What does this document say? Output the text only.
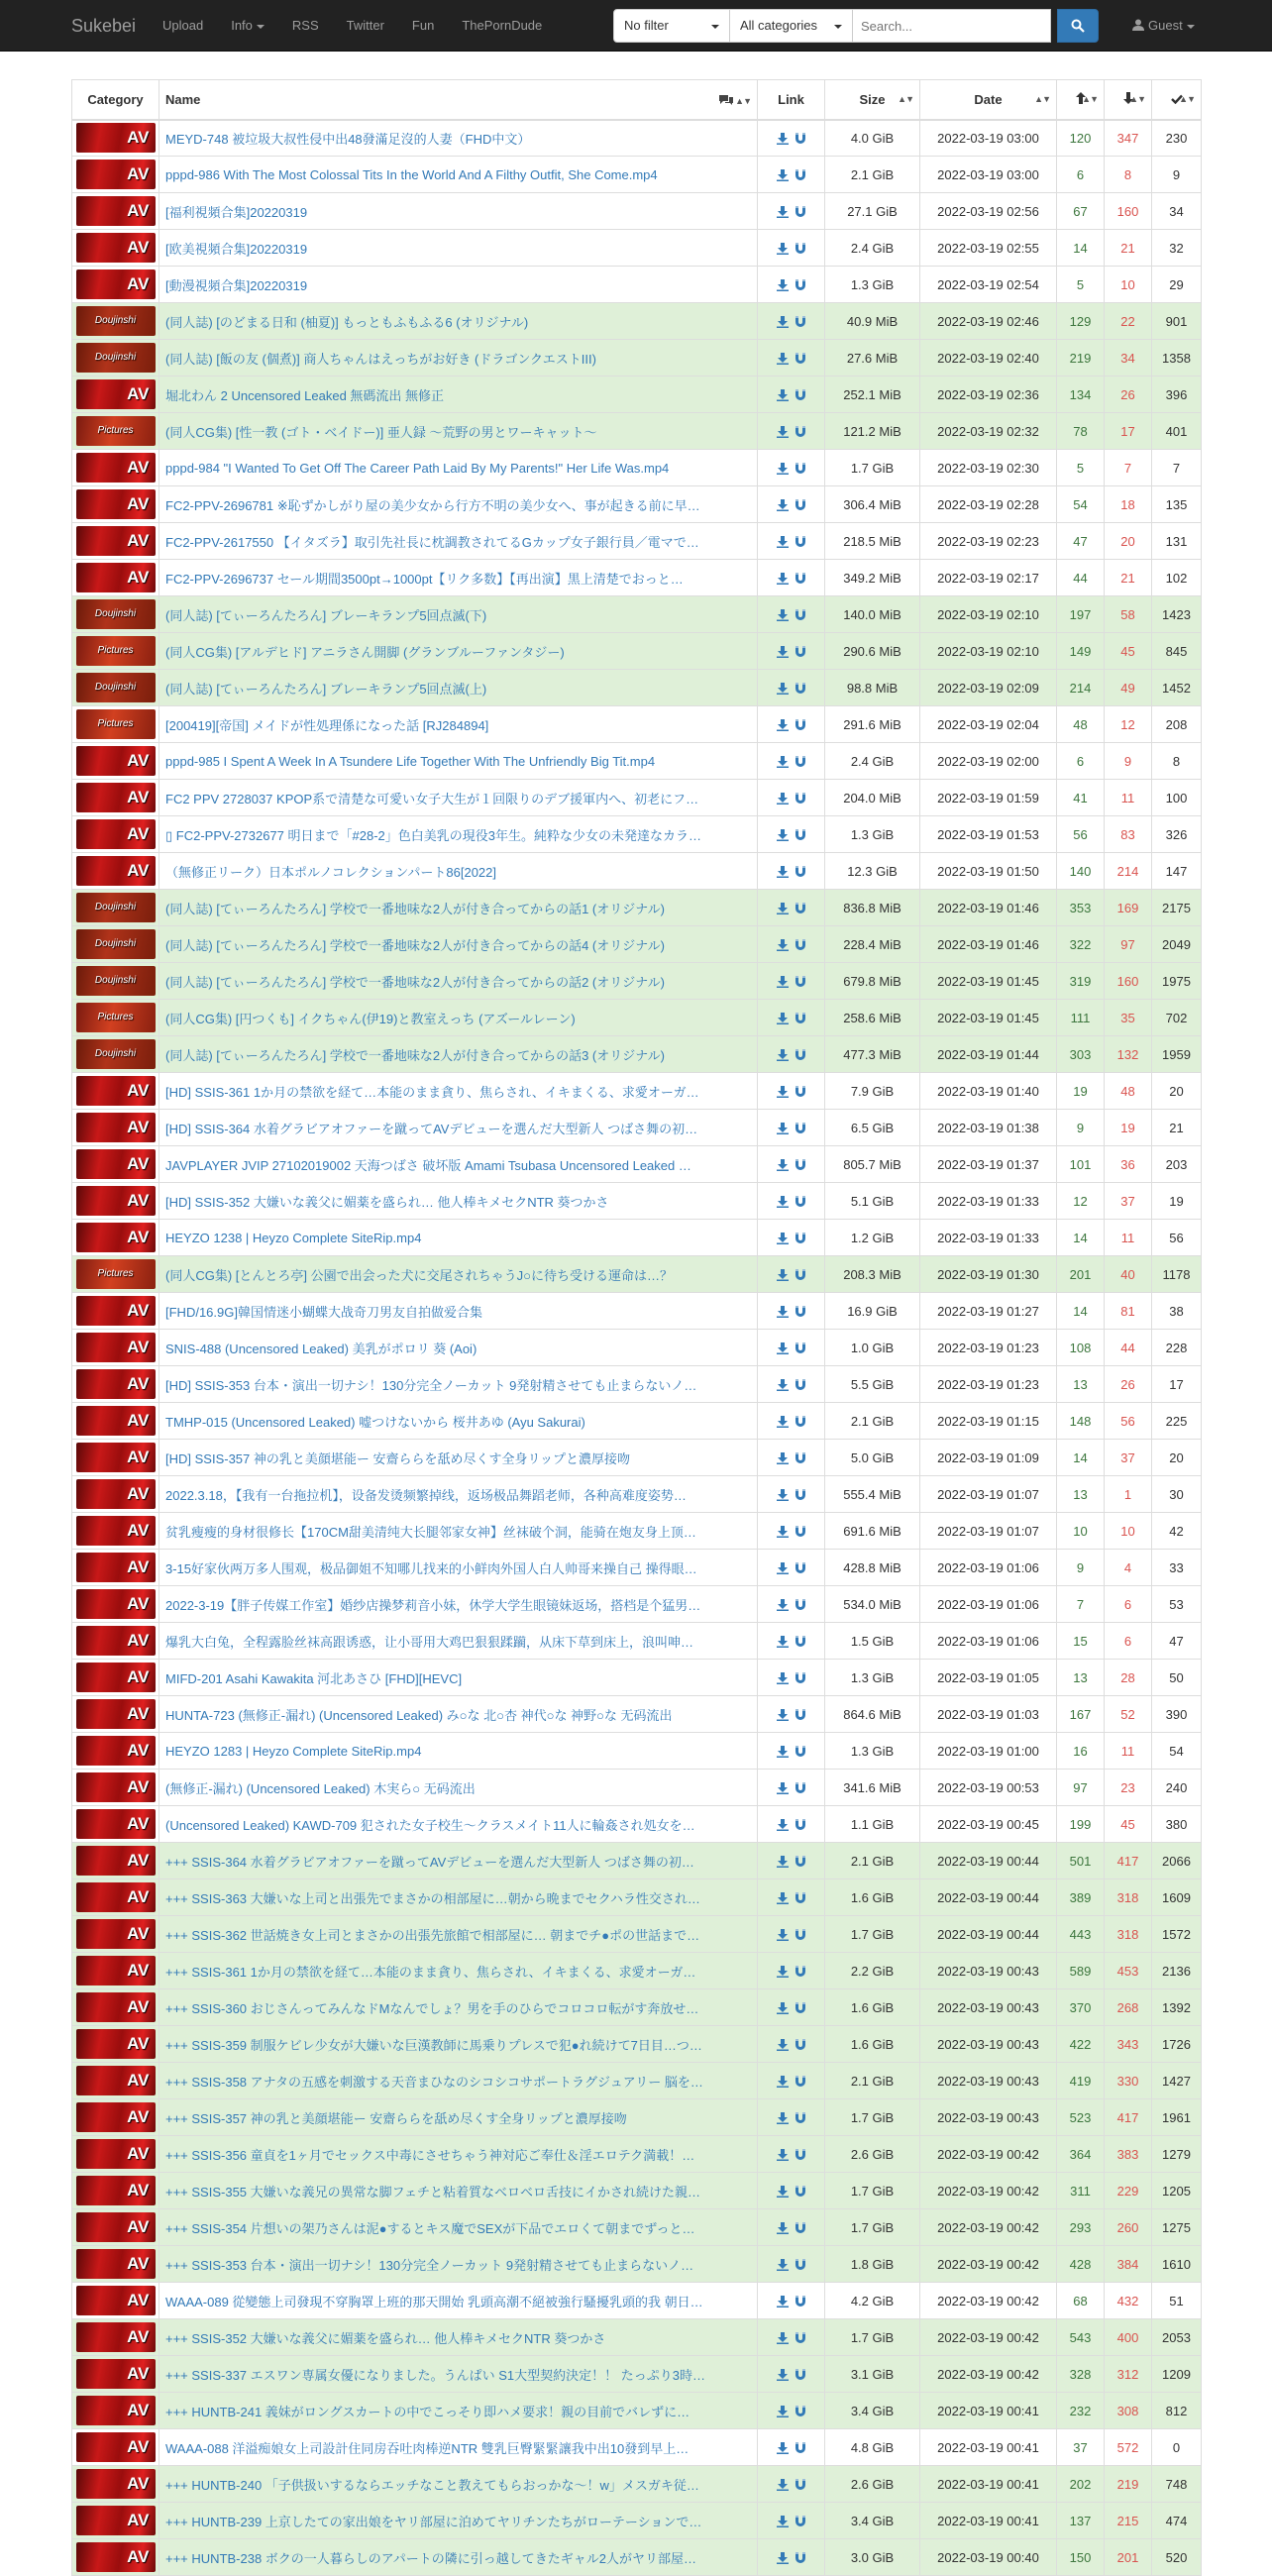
Sukebei	Upload	Info	RSS	Twitter	Fun	ThePornDude	No filter	All categories
Search...	Guest
Category	Name ▲▼	Link	Size ▲▼	Date ▲▼	▲▼	▲▼	▲▼

AV	MEYD-748 被垃圾大叔性侵中出48發滿足沒的人妻（FHD中文）		4.0 GiB	2022-03-19 03:00	120	347	230

AV	pppd-986 With The Most Colossal Tits In the World And A Filthy Outfit, She Come.mp4		2.1 GiB	2022-03-19 03:00	6	8	9

AV	[福利視頻合集]20220319		27.1 GiB	2022-03-19 02:56	67	160	34

AV	[欧美視頻合集]20220319		2.4 GiB	2022-03-19 02:55	14	21	32

AV	[動漫視頻合集]20220319		1.3 GiB	2022-03-19 02:54	5	10	29

Doujinshi	(同人誌) [のどまる日和 (柚夏)] もっともふもふる6 (オリジナル)		40.9 MiB	2022-03-19 02:46	129	22	901

Doujinshi	(同人誌) [飯の友 (個煮)] 商人ちゃんはえっちがお好き (ドラゴンクエストIII)		27.6 MiB	2022-03-19 02:40	219	34	1358

AV	堀北わん 2 Uncensored Leaked 無碼流出 無修正		252.1 MiB	2022-03-19 02:36	134	26	396

Pictures	(同人CG集) [性一教 (ゴト・ベイドー)] 亜人録 ～荒野の男とワーキャット～		121.2 MiB	2022-03-19 02:32	78	17	401

AV	pppd-984 "I Wanted To Get Off The Career Path Laid By My Parents!" Her Life Was.mp4		1.7 GiB	2022-03-19 02:30	5	7	7

AV	FC2-PPV-2696781 ※恥ずかしがり屋の美少女から行方不明の美少女へ、事が起きる前に早…		306.4 MiB	2022-03-19 02:28	54	18	135

AV	FC2-PPV-2617550 【イタズラ】取引先社長に枕調教されてるGカップ女子銀行員／電マで…		218.5 MiB	2022-03-19 02:23	47	20	131

AV	FC2-PPV-2696737 セール期間3500pt→1000pt【リク多数】【再出演】黒上清楚でおっと…		349.2 MiB	2022-03-19 02:17	44	21	102

Doujinshi	(同人誌) [てぃーろんたろん] ブレーキランプ5回点滅(下)		140.0 MiB	2022-03-19 02:10	197	58	1423

Pictures	(同人CG集) [アルデヒド] アニラさん開脚 (グランブルーファンタジー)		290.6 MiB	2022-03-19 02:10	149	45	845

Doujinshi	(同人誌) [てぃーろんたろん] ブレーキランプ5回点滅(上)		98.8 MiB	2022-03-19 02:09	214	49	1452

Pictures	[200419][帝国] メイドが性処理係になった話 [RJ284894]		291.6 MiB	2022-03-19 02:04	48	12	208

AV	pppd-985 I Spent A Week In A Tsundere Life Together With The Unfriendly Big Tit.mp4		2.4 GiB	2022-03-19 02:00	6	9	8

AV	FC2 PPV 2728037 KPOP系で清楚な可愛い女子大生が１回限りのデブ援軍内へ、初老にフ…		204.0 MiB	2022-03-19 01:59	41	11	100

AV	▯ FC2-PPV-2732677 明日まで「#28-2」色白美乳の現役3年生。純粋な少女の未発達なカラ…		1.3 GiB	2022-03-19 01:53	56	83	326

AV	（無修正リーク）日本ポルノコレクションパート86[2022]		12.3 GiB	2022-03-19 01:50	140	214	147

Doujinshi	(同人誌) [てぃーろんたろん] 学校で一番地味な2人が付き合ってからの話1 (オリジナル)		836.8 MiB	2022-03-19 01:46	353	169	2175

Doujinshi	(同人誌) [てぃーろんたろん] 学校で一番地味な2人が付き合ってからの話4 (オリジナル)		228.4 MiB	2022-03-19 01:46	322	97	2049

Doujinshi	(同人誌) [てぃーろんたろん] 学校で一番地味な2人が付き合ってからの話2 (オリジナル)		679.8 MiB	2022-03-19 01:45	319	160	1975

Pictures	(同人CG集) [円つくも] イクちゃん(伊19)と教室えっち (アズールレーン)		258.6 MiB	2022-03-19 01:45	111	35	702

Doujinshi	(同人誌) [てぃーろんたろん] 学校で一番地味な2人が付き合ってからの話3 (オリジナル)		477.3 MiB	2022-03-19 01:44	303	132	1959

AV	[HD] SSIS-361 1か月の禁欲を経て…本能のまま貪り、焦らされ、イキまくる、求愛オーガ…		7.9 GiB	2022-03-19 01:40	19	48	20

AV	[HD] SSIS-364 水着グラビアオファーを蹴ってAVデビューを選んだ大型新人 つばさ舞の初…		6.5 GiB	2022-03-19 01:38	9	19	21

AV	JAVPLAYER JVIP 27102019002 天海つばさ 破坏版 Amami Tsubasa Uncensored Leaked …		805.7 MiB	2022-03-19 01:37	101	36	203

AV	[HD] SSIS-352 大嫌いな義父に媚薬を盛られ… 他人棒キメセクNTR 葵つかさ		5.1 GiB	2022-03-19 01:33	12	37	19

AV	HEYZO 1238 | Heyzo Complete SiteRip.mp4		1.2 GiB	2022-03-19 01:33	14	11	56

Pictures	(同人CG集) [とんとろ亭] 公園で出会った犬に交尾されちゃうJ○に待ち受ける運命は…？		208.3 MiB	2022-03-19 01:30	201	40	1178

AV	[FHD/16.9G]韓国情迷小蝴蝶大战奇刀男友自拍做爱合集		16.9 GiB	2022-03-19 01:27	14	81	38

AV	SNIS-488 (Uncensored Leaked) 美乳がポロリ 葵 (Aoi)		1.0 GiB	2022-03-19 01:23	108	44	228

AV	[HD] SSIS-353 台本・演出一切ナシ！130分完全ノーカット 9発射精させても止まらないノ…		5.5 GiB	2022-03-19 01:23	13	26	17

AV	TMHP-015 (Uncensored Leaked) 嘘つけないから 桜井あゆ (Ayu Sakurai)		2.1 GiB	2022-03-19 01:15	148	56	225

AV	[HD] SSIS-357 神の乳と美顔堪能ー 安齋ららを舐め尽くす全身リップと濃厚接吻		5.0 GiB	2022-03-19 01:09	14	37	20

AV	2022.3.18，【我有一台拖拉机】，设备发烫频繁掉线，返场极品舞蹈老师，各种高难度姿势…		555.4 MiB	2022-03-19 01:07	13	1	30

AV	贫乳瘦瘦的身材很修长【170CM甜美清纯大长腿邻家女神】丝袜破个洞，能骑在炮友身上顶…		691.6 MiB	2022-03-19 01:07	10	10	42

AV	3-15好家伙两万多人围观，极品御姐不知哪儿找来的小鲜肉外国人白人帅哥来操自己 操得眼…		428.8 MiB	2022-03-19 01:06	9	4	33

AV	2022-3-19【胖子传媒工作室】婚纱店操梦莉音小妹，休学大学生眼镜妹返场，搭档是个猛男…		534.0 MiB	2022-03-19 01:06	7	6	53

AV	爆乳大白兔，全程露脸丝袜高跟诱惑，让小哥用大鸡巴狠狠蹂躏，从床下草到床上，浪叫呻…		1.5 GiB	2022-03-19 01:06	15	6	47

AV	MIFD-201 Asahi Kawakita 河北あさひ [FHD][HEVC]		1.3 GiB	2022-03-19 01:05	13	28	50

AV	HUNTA-723 (無修正-漏れ) (Uncensored Leaked) み○な 北○杏 神代○な 神野○な 无码流出		864.6 MiB	2022-03-19 01:03	167	52	390

AV	HEYZO 1283 | Heyzo Complete SiteRip.mp4		1.3 GiB	2022-03-19 01:00	16	11	54

AV	(無修正-漏れ) (Uncensored Leaked) 木実ら○ 无码流出		341.6 MiB	2022-03-19 00:53	97	23	240

AV	(Uncensored Leaked) KAWD-709 犯された女子校生～クラスメイト11人に輪姦され処女を…		1.1 GiB	2022-03-19 00:45	199	45	380

AV	+++ SSIS-364 水着グラビアオファーを蹴ってAVデビューを選んだ大型新人 つばさ舞の初…		2.1 GiB	2022-03-19 00:44	501	417	2066

AV	+++ SSIS-363 大嫌いな上司と出張先でまさかの相部屋に…朝から晩までセクハラ性交され…		1.6 GiB	2022-03-19 00:44	389	318	1609

AV	+++ SSIS-362 世話焼き女上司とまさかの出張先旅館で相部屋に… 朝までチ●ポの世話まで…		1.7 GiB	2022-03-19 00:44	443	318	1572

AV	+++ SSIS-361 1か月の禁欲を経て…本能のまま貪り、焦らされ、イキまくる、求愛オーガ…		2.2 GiB	2022-03-19 00:43	589	453	2136

AV	+++ SSIS-360 おじさんってみんなドMなんでしょ？男を手のひらでコロコロ転がす奔放せ…		1.6 GiB	2022-03-19 00:43	370	268	1392

AV	+++ SSIS-359 制服ケビレ少女が大嫌いな巨漢教師に馬乗りプレスで犯●れ続けて7日目…つ…		1.6 GiB	2022-03-19 00:43	422	343	1726

AV	+++ SSIS-358 アナタの五感を刺激する天音まひなのシコシコサポートラグジュアリー 脳を…		2.1 GiB	2022-03-19 00:43	419	330	1427

AV	+++ SSIS-357 神の乳と美顔堪能ー 安齋ららを舐め尽くす全身リップと濃厚接吻		1.7 GiB	2022-03-19 00:43	523	417	1961

AV	+++ SSIS-356 童貞を1ヶ月でセックス中毒にさせちゃう神対応ご奉仕＆淫エロテク満載！…		2.6 GiB	2022-03-19 00:42	364	383	1279

AV	+++ SSIS-355 大嫌いな義兄の異常な脚フェチと粘着質なベロベロ舌技にイかされ続けた親…		1.7 GiB	2022-03-19 00:42	311	229	1205

AV	+++ SSIS-354 片想いの架乃さんは泥●するとキス魔でSEXが下品でエロくて朝までずっと…		1.7 GiB	2022-03-19 00:42	293	260	1275

AV	+++ SSIS-353 台本・演出一切ナシ！130分完全ノーカット 9発射精させても止まらないノ…		1.8 GiB	2022-03-19 00:42	428	384	1610

AV	WAAA-089 從變態上司發現不穿胸罩上班的那天開始 乳頭高潮不絕被強行騷擾乳頭的我 朝日…		4.2 GiB	2022-03-19 00:42	68	432	51

AV	+++ SSIS-352 大嫌いな義父に媚薬を盛られ… 他人棒キメセクNTR 葵つかさ		1.7 GiB	2022-03-19 00:42	543	400	2053

AV	+++ SSIS-337 エスワン専属女優になりました。うんぱい S1大型契約決定！！ たっぷり3時…		3.1 GiB	2022-03-19 00:42	328	312	1209

AV	+++ HUNTB-241 義妹がロングスカートの中でこっそり即ハメ要求！親の目前でバレずに…		3.4 GiB	2022-03-19 00:41	232	308	812

AV	WAAA-088 洋溢痴娘女上司設計住同房吞吐肉棒逆NTR 雙乳巨臀緊緊讓我中出10發到早上…		4.8 GiB	2022-03-19 00:41	37	572	0

AV	+++ HUNTB-240 「子供扱いするならエッチなこと教えてもらおっかな～！w」メスガキ従…		2.6 GiB	2022-03-19 00:41	202	219	748

AV	+++ HUNTB-239 上京したての家出娘をヤリ部屋に泊めてヤリチンたちがローテーションで…		3.4 GiB	2022-03-19 00:41	137	215	474

AV	+++ HUNTB-238 ボクの一人暮らしのアパートの隣に引っ越してきたギャル2人がヤリ部屋…		3.0 GiB	2022-03-19 00:40	150	201	520
